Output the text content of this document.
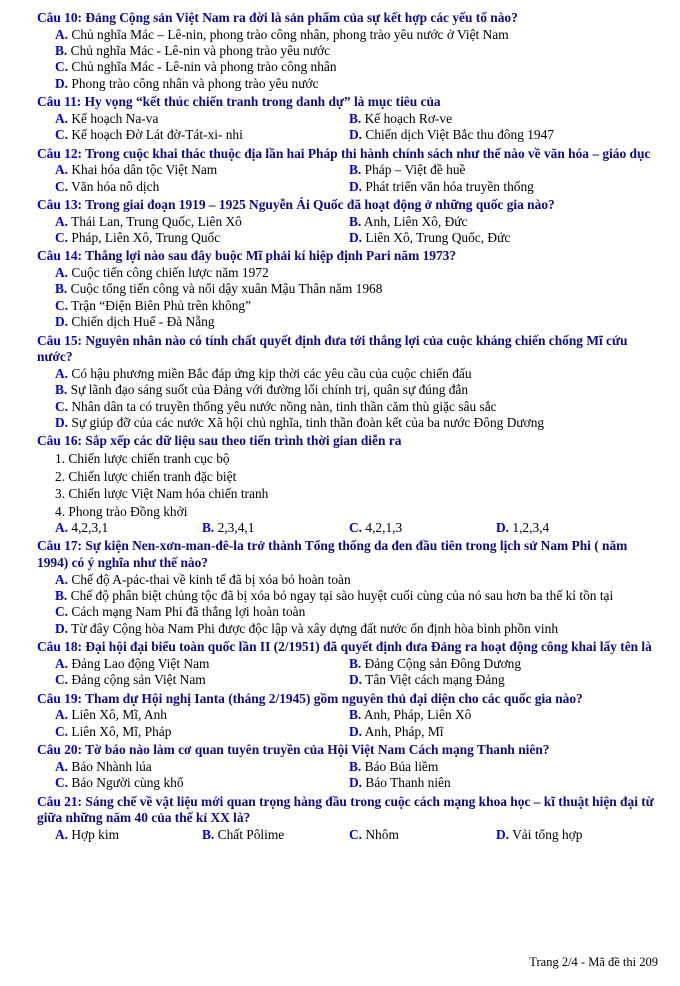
Câu 10: Đảng Cộng sản Việt Nam ra đời là sản phẩm của sự kết hợp các yếu tố nào?
A. Chủ nghĩa Mác – Lê-nin, phong trào công nhân, phong trào yêu nước ở Việt Nam
B. Chủ nghĩa Mác - Lê-nin và phong trào yêu nước
C. Chủ nghĩa Mác - Lê-nin và phong trào công nhân
D. Phong trào công nhân và phong trào yêu nước
Câu 11: Hy vọng “kết thúc chiến tranh trong danh dự” là mục tiêu của
A. Kế hoạch Na-va	B. Kế hoạch Rơ-ve
C. Kế hoạch Đờ Lát đờ-Tát-xi- nhi	D. Chiến dịch Việt Bắc thu đông 1947
Câu 12: Trong cuộc khai thác thuộc địa lần hai Pháp thi hành chính sách như thế nào về văn hóa – giáo dục
A. Khai hóa dân tộc Việt Nam	B. Pháp – Việt đề huề
C. Văn hóa nô dịch	D. Phát triển văn hóa truyền thống
Câu 13: Trong giai đoạn 1919 – 1925 Nguyễn Ái Quốc đã hoạt động ở những quốc gia nào?
A. Thái Lan, Trung Quốc, Liên Xô	B. Anh, Liên Xô, Đức
C. Pháp, Liên Xô, Trung Quốc	D. Liên Xô, Trung Quốc, Đức
Câu 14: Thắng lợi nào sau đây buộc Mĩ phải kí hiệp định Pari năm 1973?
A. Cuộc tiến công chiến lược năm 1972
B. Cuộc tổng tiến công và nổi dậy xuân Mậu Thân năm 1968
C. Trận “Điện Biên Phủ trên không”
D. Chiến dịch Huế - Đà Nẵng
Câu 15: Nguyên nhân nào có tính chất quyết định đưa tới thắng lợi của cuộc kháng chiến chống Mĩ cứu nước?
A. Có hậu phương miền Bắc đáp ứng kịp thời các yêu cầu của cuộc chiến đấu
B. Sự lãnh đạo sáng suốt của Đảng với đường lối chính trị, quân sự đúng đắn
C. Nhân dân ta có truyền thống yêu nước nồng nàn, tinh thần căm thù giặc sâu sắc
D. Sự giúp đỡ của các nước Xã hội chủ nghĩa, tinh thần đoàn kết của ba nước Đông Dương
Câu 16: Sắp xếp các dữ liệu sau theo tiến trình thời gian diễn ra
1. Chiến lược chiến tranh cục bộ
2. Chiến lược chiến tranh đặc biệt
3. Chiến lược Việt Nam hóa chiến tranh
4. Phong trào Đồng khởi
A. 4,2,3,1	B. 2,3,4,1	C. 4,2,1,3	D. 1,2,3,4
Câu 17: Sự kiện Nen-xơn-man-đê-la trở thành Tổng thống da đen đầu tiên trong lịch sử Nam Phi ( năm 1994) có ý nghĩa như thế nào?
A. Chế độ A-pác-thai về kinh tế đã bị xóa bỏ hoàn toàn
B. Chế độ phân biệt chủng tộc đã bị xóa bỏ ngay tại sào huyệt cuối cùng của nó sau hơn ba thế kỉ tồn tại
C. Cách mạng Nam Phi đã thắng lợi hoàn toàn
D. Từ đây Cộng hòa Nam Phi được độc lập và xây dựng đất nước ổn định hòa bình phồn vinh
Câu 18: Đại hội đại biểu toàn quốc lần II (2/1951) đã quyết định đưa Đảng ra hoạt động công khai lấy tên là
A. Đảng Lao động Việt Nam	B. Đảng Cộng sản Đông Dương
C. Đảng cộng sản Việt Nam	D. Tân Việt cách mạng Đảng
Câu 19: Tham dự Hội nghị Ianta (tháng 2/1945) gồm nguyên thủ đại diện cho các quốc gia nào?
A. Liên Xô, Mĩ, Anh	B. Anh, Pháp, Liên Xô
C. Liên Xô, Mĩ, Pháp	D. Anh, Pháp, Mĩ
Câu 20: Tờ báo nào làm cơ quan tuyên truyền của Hội Việt Nam Cách mạng Thanh niên?
A. Báo Nhành lúa	B. Báo Búa liềm
C. Báo Người cùng khổ	D. Báo Thanh niên
Câu 21: Sáng chế về vật liệu mới quan trọng hàng đầu trong cuộc cách mạng khoa học – kĩ thuật hiện đại từ giữa những năm 40 của thế kỉ XX là?
A. Hợp kim	B. Chất Pôlime	C. Nhôm	D. Vải tổng hợp
Trang 2/4 - Mã đề thi 209
